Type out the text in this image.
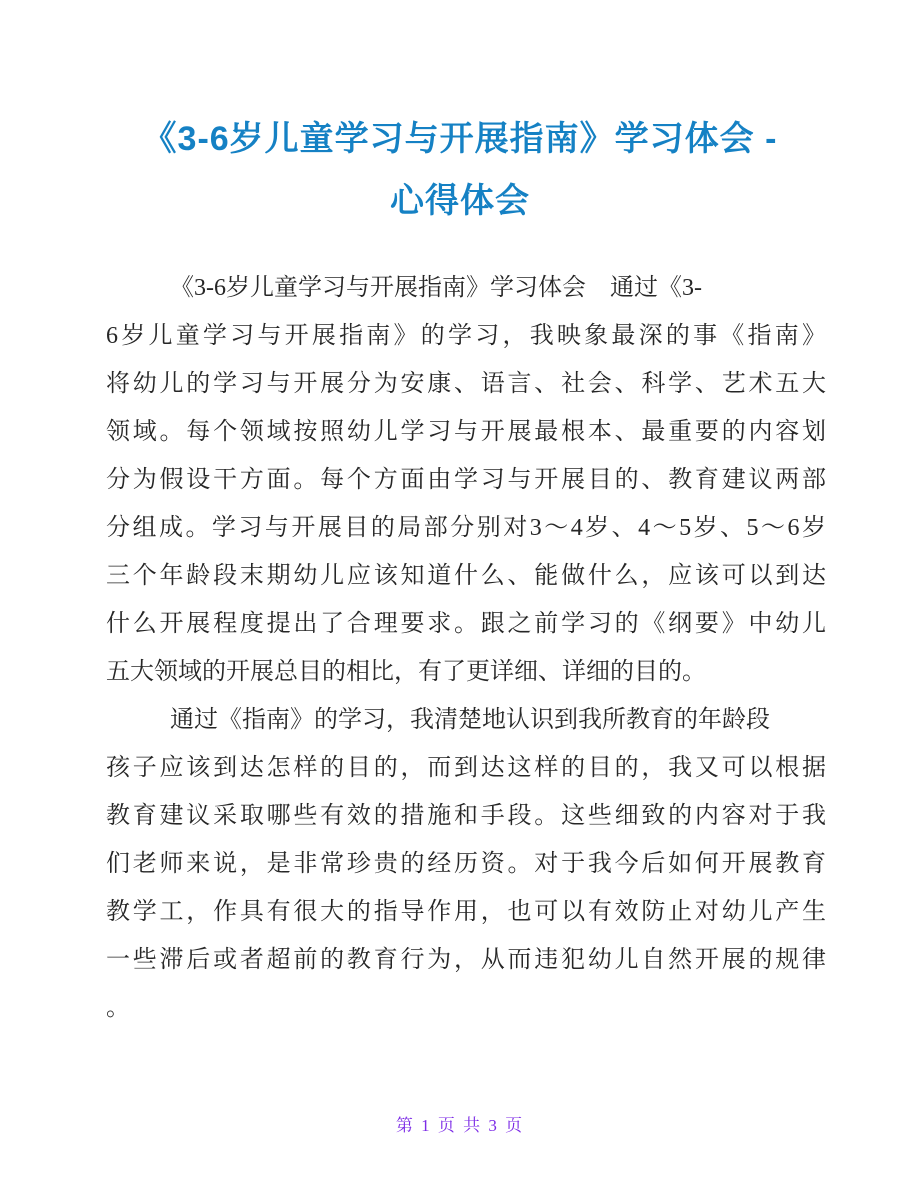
《3-6岁儿童学习与开展指南》学习体会 -
心得体会
《3-6岁儿童学习与开展指南》学习体会　通过《3-
6岁儿童学习与开展指南》的学习，我映象最深的事《指南》
将幼儿的学习与开展分为安康、语言、社会、科学、艺术五大
领域。每个领域按照幼儿学习与开展最根本、最重要的内容划
分为假设干方面。每个方面由学习与开展目的、教育建议两部
分组成。学习与开展目的局部分别对3～4岁、4～5岁、5～6岁
三个年龄段末期幼儿应该知道什么、能做什么，应该可以到达
什么开展程度提出了合理要求。跟之前学习的《纲要》中幼儿
五大领域的开展总目的相比，有了更详细、详细的目的。
通过《指南》的学习，我清楚地认识到我所教育的年龄段
孩子应该到达怎样的目的，而到达这样的目的，我又可以根据
教育建议采取哪些有效的措施和手段。这些细致的内容对于我
们老师来说，是非常珍贵的经历资。对于我今后如何开展教育
教学工，作具有很大的指导作用，也可以有效防止对幼儿产生
一些滞后或者超前的教育行为，从而违犯幼儿自然开展的规律
。
第 1 页 共 3 页
